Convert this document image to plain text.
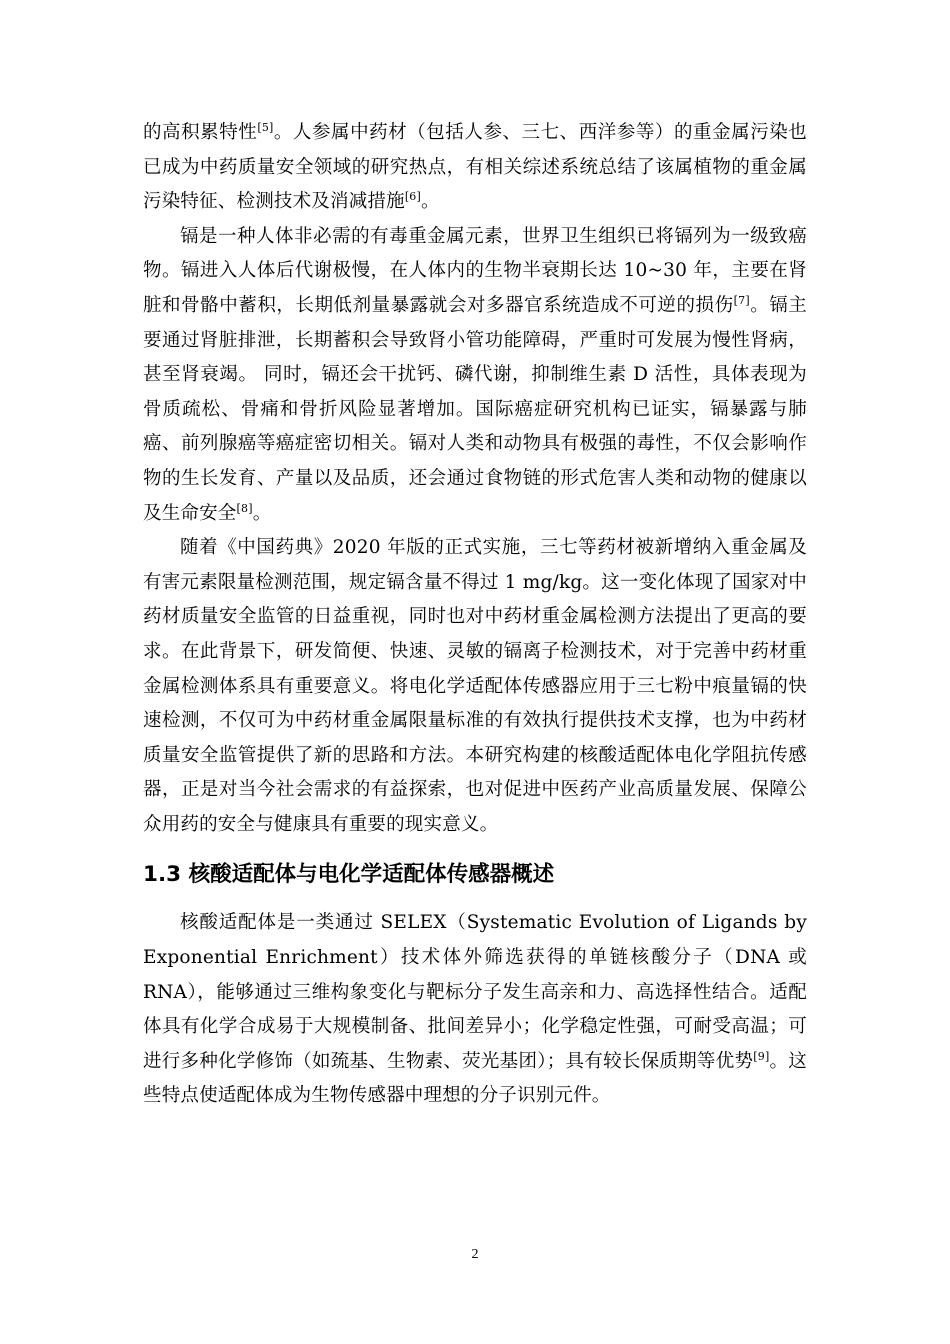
的高积累特性[5]。人参属中药材（包括人参、三七、西洋参等）的重金属污染也已成为中药质量安全领域的研究热点，有相关综述系统总结了该属植物的重金属污染特征、检测技术及消减措施[6]。

镉是一种人体非必需的有毒重金属元素，世界卫生组织已将镉列为一级致癌物。镉进入人体后代谢极慢，在人体内的生物半衰期长达 10~30 年，主要在肾脏和骨骼中蓄积，长期低剂量暴露就会对多器官系统造成不可逆的损伤[7]。镉主要通过肾脏排泄，长期蓄积会导致肾小管功能障碍，严重时可发展为慢性肾病，甚至肾衰竭。 同时，镉还会干扰钙、磷代谢，抑制维生素 D 活性，具体表现为骨质疏松、骨痛和骨折风险显著增加。国际癌症研究机构已证实，镉暴露与肺癌、前列腺癌等癌症密切相关。镉对人类和动物具有极强的毒性，不仅会影响作物的生长发育、产量以及品质，还会通过食物链的形式危害人类和动物的健康以及生命安全[8]。

随着《中国药典》2020 年版的正式实施，三七等药材被新增纳入重金属及有害元素限量检测范围，规定镉含量不得过 1 mg/kg。这一变化体现了国家对中药材质量安全监管的日益重视，同时也对中药材重金属检测方法提出了更高的要求。在此背景下，研发简便、快速、灵敏的镉离子检测技术，对于完善中药材重金属检测体系具有重要意义。将电化学适配体传感器应用于三七粉中痕量镉的快速检测，不仅可为中药材重金属限量标准的有效执行提供技术支撑，也为中药材质量安全监管提供了新的思路和方法。本研究构建的核酸适配体电化学阻抗传感器，正是对当今社会需求的有益探索，也对促进中医药产业高质量发展、保障公众用药的安全与健康具有重要的现实意义。

1.3 核酸适配体与电化学适配体传感器概述

核酸适配体是一类通过 SELEX（Systematic Evolution of Ligands by Exponential Enrichment）技术体外筛选获得的单链核酸分子（DNA 或 RNA），能够通过三维构象变化与靶标分子发生高亲和力、高选择性结合。适配体具有化学合成易于大规模制备、批间差异小；化学稳定性强，可耐受高温；可进行多种化学修饰（如巯基、生物素、荧光基团）；具有较长保质期等优势[9]。这些特点使适配体成为生物传感器中理想的分子识别元件。

2
